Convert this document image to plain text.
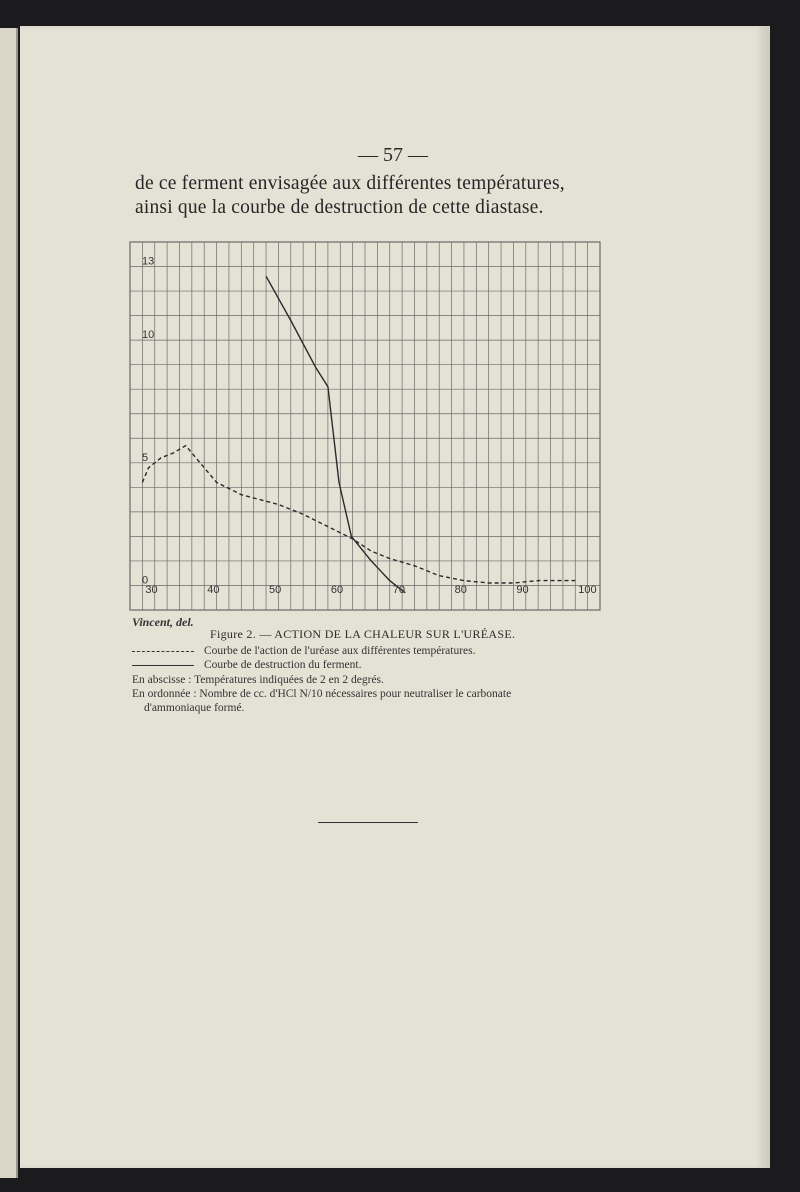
— 57 —
de ce ferment envisagée aux différentes températures,
ainsi que la courbe de destruction de cette diastase.
30	40	50	60	70	80	90	100
0
5
10
13
Vincent, del.
Figure 2. — ACTION DE LA CHALEUR SUR L'URÉASE.
Courbe de l'action de l'uréase aux différentes températures.
Courbe de destruction du ferment.
En abscisse : Températures indiquées de 2 en 2 degrés.
En ordonnée : Nombre de cc. d'HCl N/10 nécessaires pour neutraliser le carbonate
d'ammoniaque formé.
